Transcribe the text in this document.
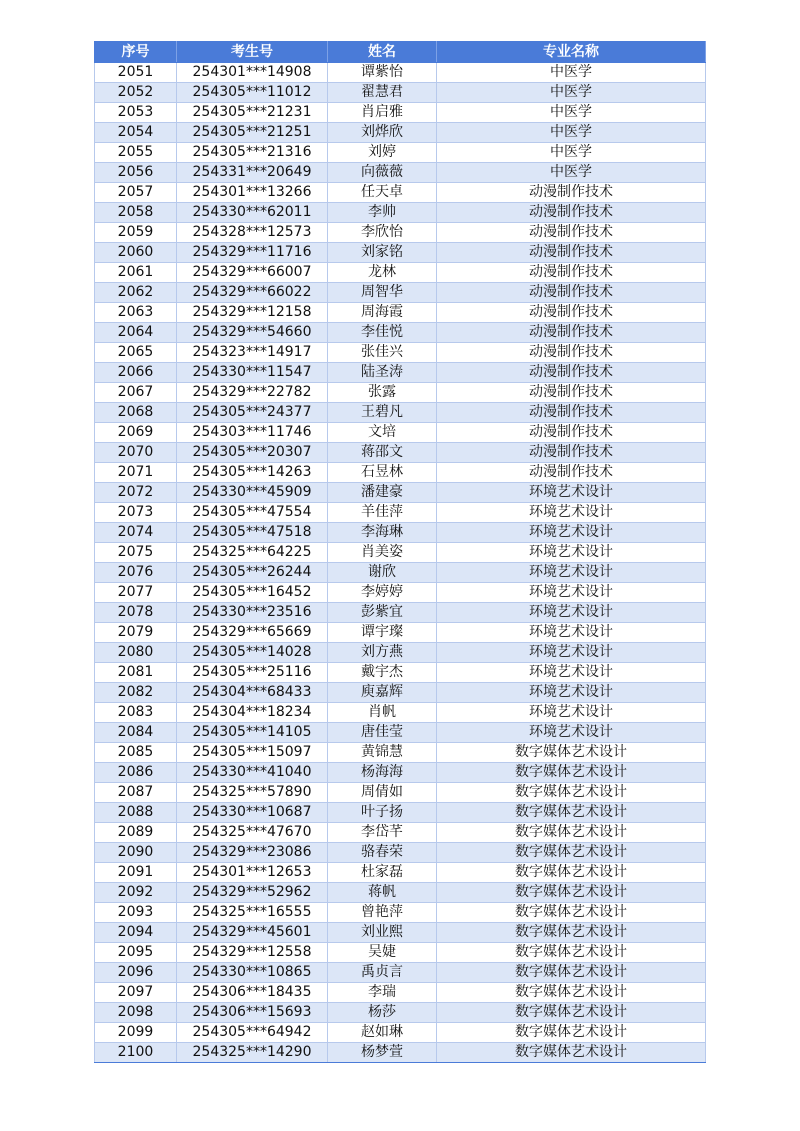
序号	考生号	姓名	专业名称
2051	254301***14908	谭紫怡	中医学
2052	254305***11012	翟慧君	中医学
2053	254305***21231	肖启雅	中医学
2054	254305***21251	刘烨欣	中医学
2055	254305***21316	刘婷	中医学
2056	254331***20649	向薇薇	中医学
2057	254301***13266	任天卓	动漫制作技术
2058	254330***62011	李帅	动漫制作技术
2059	254328***12573	李欣怡	动漫制作技术
2060	254329***11716	刘家铭	动漫制作技术
2061	254329***66007	龙林	动漫制作技术
2062	254329***66022	周智华	动漫制作技术
2063	254329***12158	周海霞	动漫制作技术
2064	254329***54660	李佳悦	动漫制作技术
2065	254323***14917	张佳兴	动漫制作技术
2066	254330***11547	陆圣涛	动漫制作技术
2067	254329***22782	张露	动漫制作技术
2068	254305***24377	王碧凡	动漫制作技术
2069	254303***11746	文培	动漫制作技术
2070	254305***20307	蒋邵文	动漫制作技术
2071	254305***14263	石昱林	动漫制作技术
2072	254330***45909	潘建豪	环境艺术设计
2073	254305***47554	羊佳萍	环境艺术设计
2074	254305***47518	李海琳	环境艺术设计
2075	254325***64225	肖美姿	环境艺术设计
2076	254305***26244	谢欣	环境艺术设计
2077	254305***16452	李婷婷	环境艺术设计
2078	254330***23516	彭紫宜	环境艺术设计
2079	254329***65669	谭宇璨	环境艺术设计
2080	254305***14028	刘方燕	环境艺术设计
2081	254305***25116	戴宇杰	环境艺术设计
2082	254304***68433	庾嘉辉	环境艺术设计
2083	254304***18234	肖帆	环境艺术设计
2084	254305***14105	唐佳莹	环境艺术设计
2085	254305***15097	黄锦慧	数字媒体艺术设计
2086	254330***41040	杨海海	数字媒体艺术设计
2087	254325***57890	周倩如	数字媒体艺术设计
2088	254330***10687	叶子扬	数字媒体艺术设计
2089	254325***47670	李岱芊	数字媒体艺术设计
2090	254329***23086	骆春荣	数字媒体艺术设计
2091	254301***12653	杜家磊	数字媒体艺术设计
2092	254329***52962	蒋帆	数字媒体艺术设计
2093	254325***16555	曾艳萍	数字媒体艺术设计
2094	254329***45601	刘业熙	数字媒体艺术设计
2095	254329***12558	吴婕	数字媒体艺术设计
2096	254330***10865	禹贞言	数字媒体艺术设计
2097	254306***18435	李瑞	数字媒体艺术设计
2098	254306***15693	杨莎	数字媒体艺术设计
2099	254305***64942	赵如琳	数字媒体艺术设计
2100	254325***14290	杨梦萱	数字媒体艺术设计
